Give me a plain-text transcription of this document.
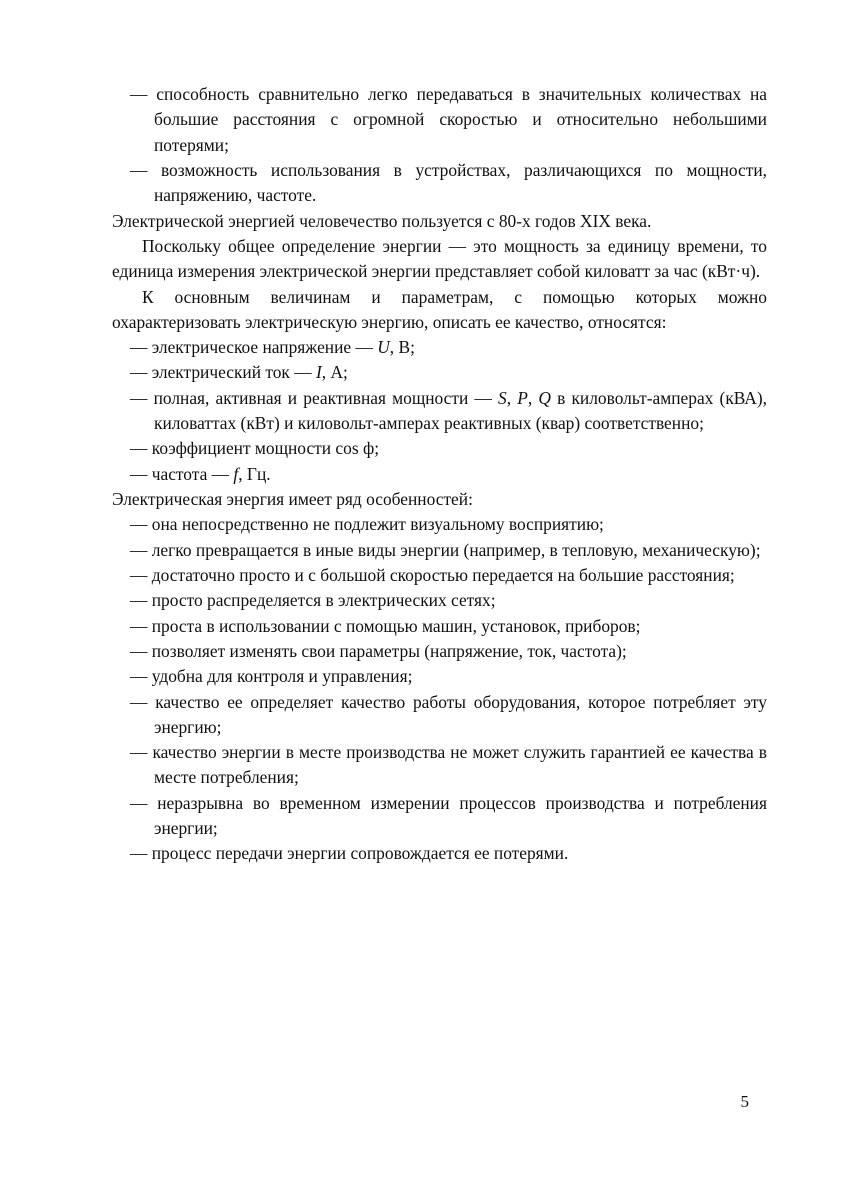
— способность сравнительно легко передаваться в значительных количествах на большие расстояния с огромной скоростью и относительно небольшими потерями;

— возможность использования в устройствах, различающихся по мощности, напряжению, частоте.

Электрической энергией человечество пользуется с 80-х годов XIX века.

Поскольку общее определение энергии — это мощность за единицу времени, то единица измерения электрической энергии представляет собой киловатт за час (кВт·ч).

К основным величинам и параметрам, с помощью которых можно охарактеризовать электрическую энергию, описать ее качество, относятся:

— электрическое напряжение — U, В;

— электрический ток — I, А;

— полная, активная и реактивная мощности — S, P, Q в киловольт-амперах (кВА), киловаттах (кВт) и киловольт-амперах реактивных (квар) соответственно;

— коэффициент мощности cos ф;

— частота — f, Гц.

Электрическая энергия имеет ряд особенностей:

— она непосредственно не подлежит визуальному восприятию;

— легко превращается в иные виды энергии (например, в тепловую, механическую);

— достаточно просто и с большой скоростью передается на большие расстояния;

— просто распределяется в электрических сетях;

— проста в использовании с помощью машин, установок, приборов;

— позволяет изменять свои параметры (напряжение, ток, частота);

— удобна для контроля и управления;

— качество ее определяет качество работы оборудования, которое потребляет эту энергию;

— качество энергии в месте производства не может служить гарантией ее качества в месте потребления;

— неразрывна во временном измерении процессов производства и потребления энергии;

— процесс передачи энергии сопровождается ее потерями.

5
